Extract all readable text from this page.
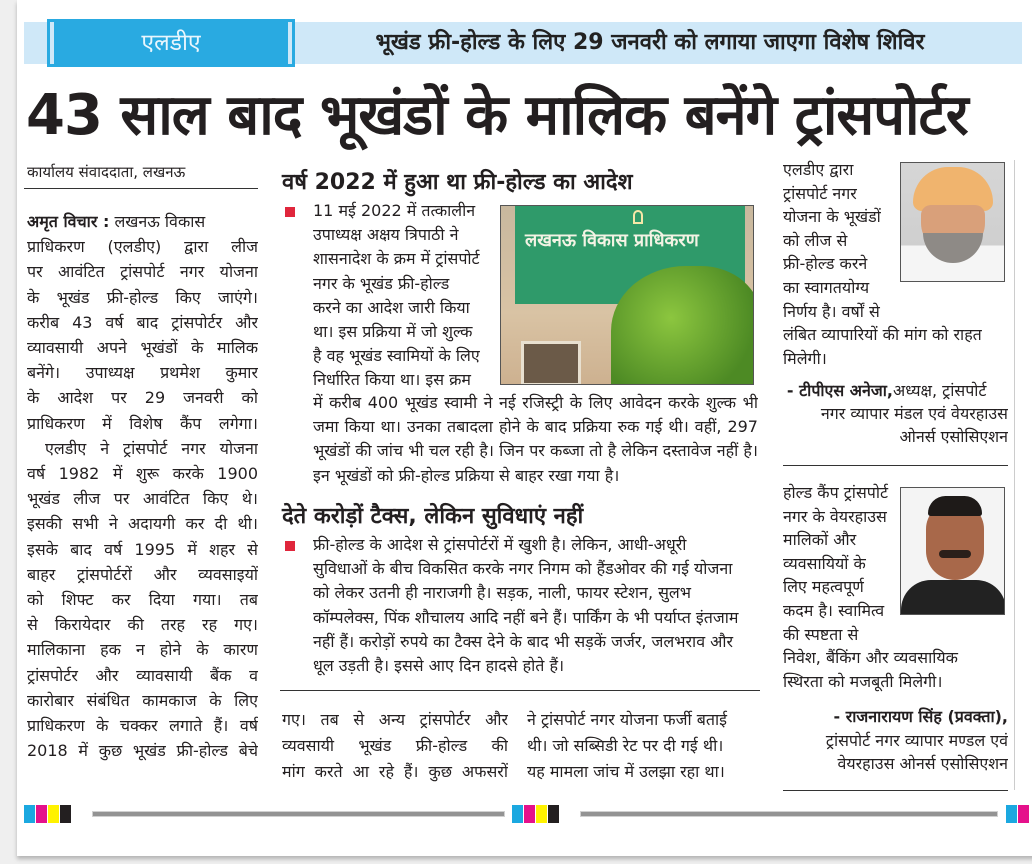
एलडीए	भूखंड फ्री-होल्ड के लिए 29 जनवरी को लगाया जाएगा विशेष शिविर
43 साल बाद भूखंडों के मालिक बनेंगे ट्रांसपोर्टर
कार्यालय संवाददाता, लखनऊ	वर्ष 2022 में हुआ था फ्री-होल्ड का आदेश
लखनऊ विकास प्राधिकरण
देते करोड़ों टैक्स, लेकिन सुविधाएं नहीं
अमृत विचार : लखनऊ विकास
प्राधिकरण (एलडीए) द्वारा लीज
पर आवंटित ट्रांसपोर्ट नगर योजना
के भूखंड फ्री-होल्ड किए जाएंगे।
करीब 43 वर्ष बाद ट्रांसपोर्टर और
व्यावसायी अपने भूखंडों के मालिक
बनेंगे। उपाध्यक्ष प्रथमेश कुमार
के आदेश पर 29 जनवरी को
प्राधिकरण में विशेष कैंप लगेगा।
एलडीए ने ट्रांसपोर्ट नगर योजना
वर्ष 1982 में शुरू करके 1900
भूखंड लीज पर आवंटित किए थे।
इसकी सभी ने अदायगी कर दी थी।
इसके बाद वर्ष 1995 में शहर से
बाहर ट्रांसपोर्टरों और व्यवसाइयों
को शिफ्ट कर दिया गया। तब
से किरायेदार की तरह रह गए।
मालिकाना हक न होने के कारण
ट्रांसपोर्टर और व्यावसायी बैंक व
कारोबार संबंधित कामकाज के लिए
प्राधिकरण के चक्कर लगाते हैं। वर्ष
2018 में कुछ भूखंड फ्री-होल्ड बेचे
11 मई 2022 में तत्कालीन
उपाध्यक्ष अक्षय त्रिपाठी ने
शासनादेश के क्रम में ट्रांसपोर्ट
नगर के भूखंड फ्री-होल्ड
करने का आदेश जारी किया
था। इस प्रक्रिया में जो शुल्क
है वह भूखंड स्वामियों के लिए
निर्धारित किया था। इस क्रम
में करीब 400 भूखंड स्वामी ने नई रजिस्ट्री के लिए आवेदन करके शुल्क भी
जमा किया था। उनका तबादला होने के बाद प्रक्रिया रुक गई थी। वहीं, 297
भूखंडों की जांच भी चल रही है। जिन पर कब्जा तो है लेकिन दस्तावेज नहीं है।
इन भूखंडों को फ्री-होल्ड प्रक्रिया से बाहर रखा गया है।
फ्री-होल्ड के आदेश से ट्रांसपोर्टरों में खुशी है। लेकिन, आधी-अधूरी
सुविधाओं के बीच विकसित करके नगर निगम को हैंडओवर की गई योजना
को लेकर उतनी ही नाराजगी है। सड़क, नाली, फायर स्टेशन, सुलभ
कॉम्पलेक्स, पिंक शौचालय आदि नहीं बने हैं। पार्किंग के भी पर्याप्त इंतजाम
नहीं हैं। करोड़ों रुपये का टैक्स देने के बाद भी सड़कें जर्जर, जलभराव और
धूल उड़ती है। इससे आए दिन हादसे होते हैं।
गए। तब से अन्य ट्रांसपोर्टर और
व्यवसायी भूखंड फ्री-होल्ड की
मांग करते आ रहे हैं। कुछ अफसरों
ने ट्रांसपोर्ट नगर योजना फर्जी बताई
थी। जो सब्सिडी रेट पर दी गई थी।
यह मामला जांच में उलझा रहा था।
एलडीए द्वारा
ट्रांसपोर्ट नगर
योजना के भूखंडों
को लीज से
फ्री-होल्ड करने
का स्वागतयोग्य
निर्णय है। वर्षों से
लंबित व्यापारियों की मांग को राहत
मिलेगी।
- टीपीएस अनेजा, अध्यक्ष, ट्रांसपोर्ट
नगर व्यापार मंडल एवं वेयरहाउस
ओनर्स एसोसिएशन
होल्ड कैंप ट्रांसपोर्ट
नगर के वेयरहाउस
मालिकों और
व्यवसायियों के
लिए महत्वपूर्ण
कदम है। स्वामित्व
की स्पष्टता से
निवेश, बैंकिंग और व्यवसायिक
स्थिरता को मजबूती मिलेगी।
- राजनारायण सिंह (प्रवक्ता),
ट्रांसपोर्ट नगर व्यापार मण्डल एवं
वेयरहाउस ओनर्स एसोसिएशन
